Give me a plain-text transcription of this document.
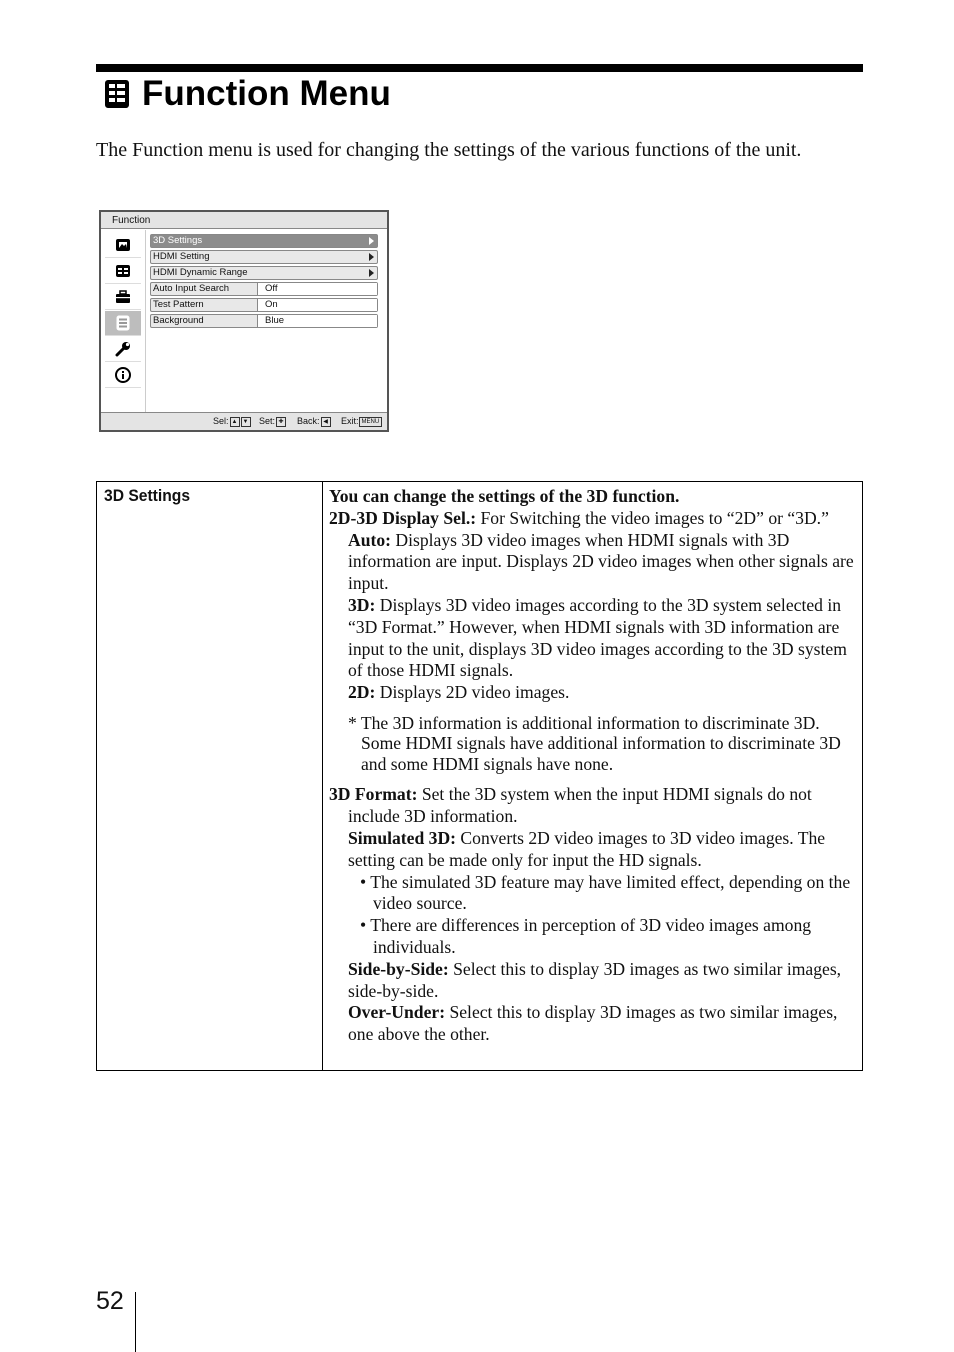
Function Menu
The Function menu is used for changing the settings of the various functions of the unit.
Function
3D Settings
HDMI Setting
HDMI Dynamic Range
Auto Input Search	Off
Test Pattern	On
Background	Blue
Sel: ▲ ▼ Set: ✚ Back: ◀ Exit: MENU
3D Settings	You can change the settings of the 3D function.

2D-3D Display Sel.: For Switching the video images to “2D” or “3D.”

Auto: Displays 3D video images when HDMI signals with 3D information are input. Displays 2D video images when other signals are input.

3D: Displays 3D video images according to the 3D system selected in “3D Format.” However, when HDMI signals with 3D information are input to the unit, displays 3D video images according to the 3D system of those HDMI signals.

2D: Displays 2D video images.

* The 3D information is additional information to discriminate 3D. Some HDMI signals have additional information to discriminate 3D and some HDMI signals have none.

3D Format: Set the 3D system when the input HDMI signals do not include 3D information.

Simulated 3D: Converts 2D video images to 3D video images. The setting can be made only for input the HD signals.

• The simulated 3D feature may have limited effect, depending on the video source.

• There are differences in perception of 3D video images among individuals.

Side-by-Side: Select this to display 3D images as two similar images, side-by-side.

Over-Under: Select this to display 3D images as two similar images, one above the other.

52
